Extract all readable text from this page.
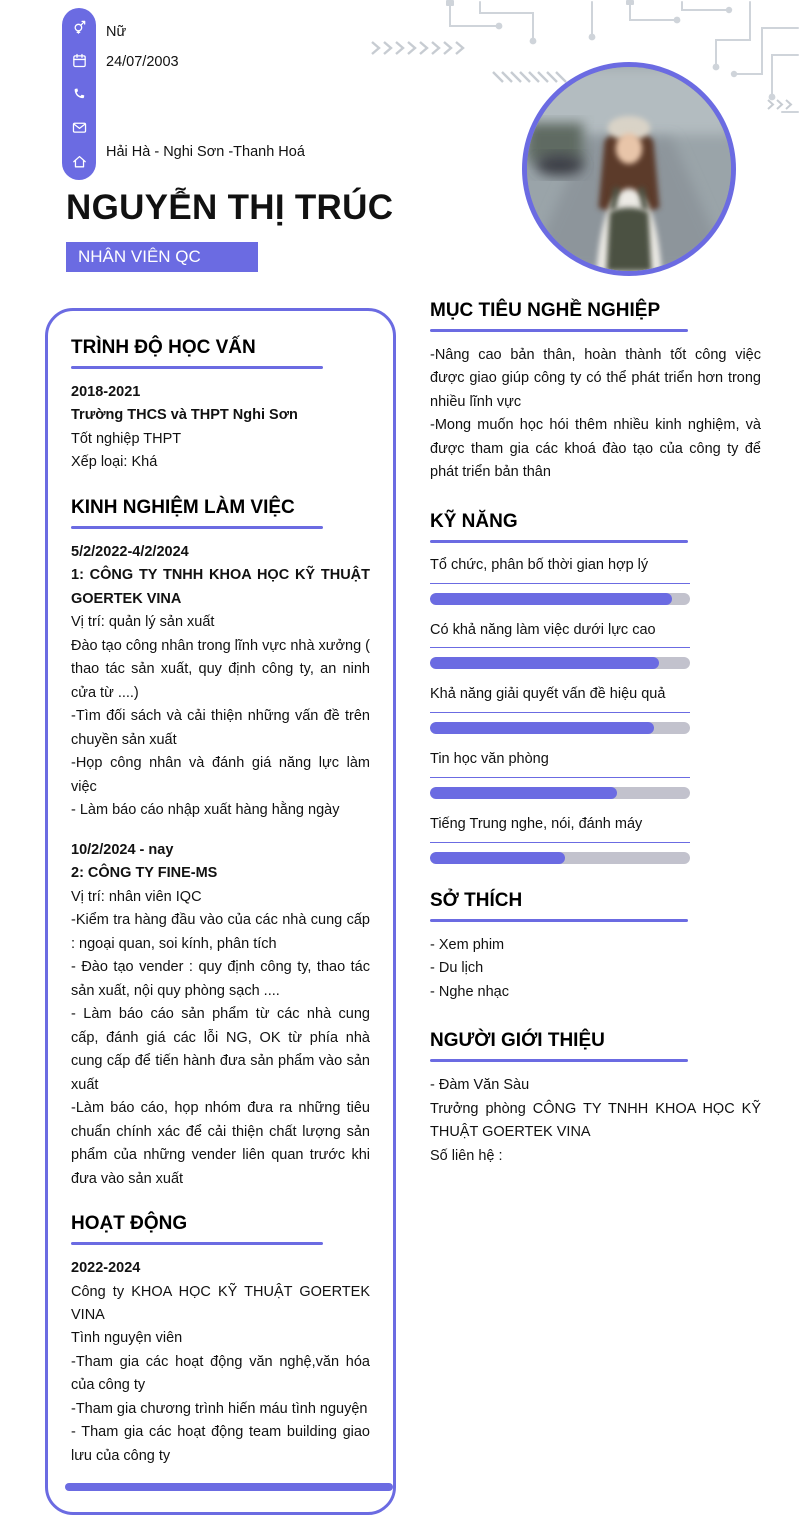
Nữ
24/07/2003
Hải Hà - Nghi Sơn -Thanh Hoá
NGUYỄN THỊ TRÚC
NHÂN VIÊN QC
TRÌNH ĐỘ HỌC VẤN

2018-2021

Trường THCS và THPT Nghi Sơn

Tốt nghiệp THPT

Xếp loại: Khá

KINH NGHIỆM LÀM VIỆC

5/2/2022-4/2/2024

1: CÔNG TY TNHH KHOA HỌC KỸ THUẬT GOERTEK VINA

Vị trí: quản lý sản xuất

Đào tạo công nhân trong lĩnh vực nhà xưởng ( thao tác sản xuất, quy định công ty, an ninh cửa từ ....)

-Tìm đối sách và cải thiện những vấn đề trên chuyền sản xuất

-Họp công nhân và đánh giá năng lực làm việc

- Làm báo cáo nhập xuất hàng hằng ngày

10/2/2024 - nay

2: CÔNG TY FINE-MS

Vị trí: nhân viên IQC

-Kiểm tra hàng đầu vào của các nhà cung cấp : ngoại quan, soi kính, phân tích

- Đào tạo vender : quy định công ty, thao tác sản xuất, nội quy phòng sạch ....

- Làm báo cáo sản phẩm từ các nhà cung cấp, đánh giá các lỗi NG, OK từ phía nhà cung cấp để tiến hành đưa sản phẩm vào sản xuất

-Làm báo cáo, họp nhóm đưa ra những tiêu chuẩn chính xác để cải thiện chất lượng sản phẩm của những vender liên quan trước khi đưa vào sản xuất

HOẠT ĐỘNG

2022-2024

Công ty KHOA HỌC KỸ THUẬT GOERTEK VINA

Tình nguyện viên

-Tham gia các hoạt động văn nghệ,văn hóa của công ty

-Tham gia chương trình hiến máu tình nguyện

- Tham gia các hoạt động team building giao lưu của công ty

MỤC TIÊU NGHỀ NGHIỆP

-Nâng cao bản thân, hoàn thành tốt công việc được giao giúp công ty có thể phát triển hơn trong nhiều lĩnh vực

-Mong muốn học hói thêm nhiều kinh nghiệm, và được tham gia các khoá đào tạo của công ty để phát triển bản thân

KỸ NĂNG
Tổ chức, phân bố thời gian hợp lý
Có khả năng làm việc dưới lực cao
Khả năng giải quyết vấn đề hiệu quả
Tin học văn phòng
Tiếng Trung nghe, nói, đánh máy
SỞ THÍCH

- Xem phim

- Du lịch

- Nghe nhạc

NGƯỜI GIỚI THIỆU

- Đàm Văn Sàu

Trưởng phòng CÔNG TY TNHH KHOA HỌC KỸ THUẬT GOERTEK VINA

Số liên hệ :
